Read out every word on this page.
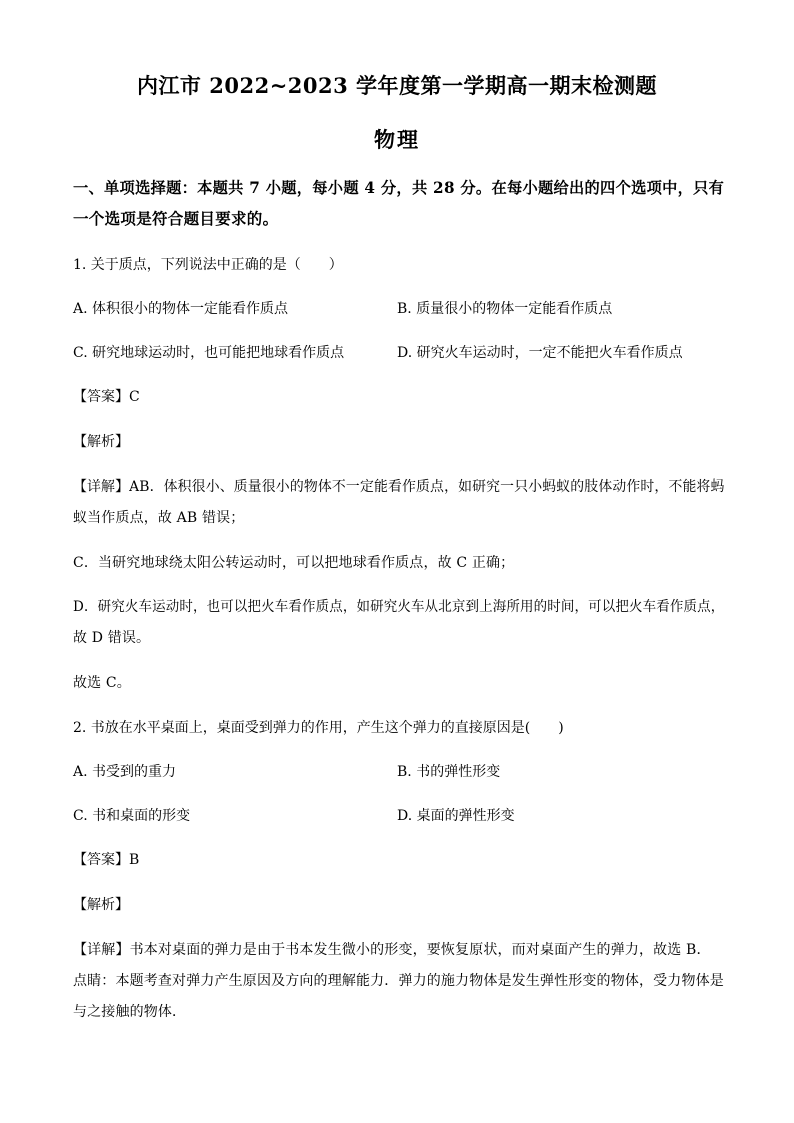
内江市 2022~2023 学年度第一学期高一期末检测题
物理
一、单项选择题：本题共 7 小题，每小题 4 分，共 28 分。在每小题给出的四个选项中，只有
一个选项是符合题目要求的。
1. 关于质点，下列说法中正确的是（　　）
A. 体积很小的物体一定能看作质点	B. 质量很小的物体一定能看作质点
C. 研究地球运动时，也可能把地球看作质点	D. 研究火车运动时，一定不能把火车看作质点
【答案】C
【解析】
【详解】AB．体积很小、质量很小的物体不一定能看作质点，如研究一只小蚂蚁的肢体动作时，不能将蚂
蚁当作质点，故 AB 错误；
C．当研究地球绕太阳公转运动时，可以把地球看作质点，故 C 正确；
D．研究火车运动时，也可以把火车看作质点，如研究火车从北京到上海所用的时间，可以把火车看作质点，
故 D 错误。
故选 C。
2. 书放在水平桌面上，桌面受到弹力的作用，产生这个弹力的直接原因是(　　)
A. 书受到的重力	B. 书的弹性形变
C. 书和桌面的形变	D. 桌面的弹性形变
【答案】B
【解析】
【详解】书本对桌面的弹力是由于书本发生微小的形变，要恢复原状，而对桌面产生的弹力，故选 B．
点睛：本题考查对弹力产生原因及方向的理解能力．弹力的施力物体是发生弹性形变的物体，受力物体是
与之接触的物体．
